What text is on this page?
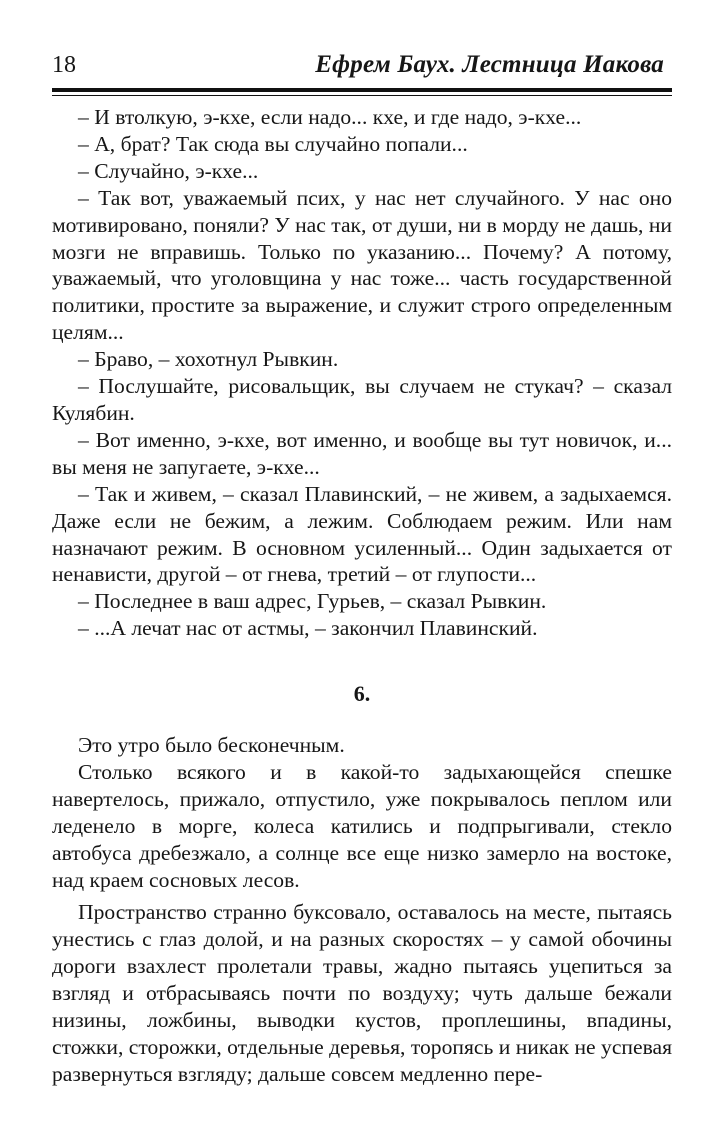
18	Ефрем Баух. Лестница Иакова

– И втолкую, э-кхе, если надо... кхе, и где надо, э-кхе...

– А, брат? Так сюда вы случайно попали...

– Случайно, э-кхе...

– Так вот, уважаемый псих, у нас нет случайного. У нас оно мотивировано, поняли? У нас так, от души, ни в морду не дашь, ни мозги не вправишь. Только по указанию... Почему? А потому, уважаемый, что уголовщина у нас тоже... часть государственной политики, простите за выражение, и служит строго определенным целям...

– Браво, – хохотнул Рывкин.

– Послушайте, рисовальщик, вы случаем не стукач? – сказал Кулябин.

– Вот именно, э-кхе, вот именно, и вообще вы тут новичок, и... вы меня не запугаете, э-кхе...

– Так и живем, – сказал Плавинский, – не живем, а задыхаемся. Даже если не бежим, а лежим. Соблюдаем режим. Или нам назначают режим. В основном усиленный... Один задыхается от ненависти, другой – от гнева, третий – от глупости...

– Последнее в ваш адрес, Гурьев, – сказал Рывкин.

– ...А лечат нас от астмы, – закончил Плавинский.

6.

Это утро было бесконечным.

Столько всякого и в какой-то задыхающейся спешке навертелось, прижало, отпустило, уже покрывалось пеплом или леденело в морге, колеса катились и подпрыгивали, стекло автобуса дребезжало, а солнце все еще низко замерло на востоке, над краем сосновых лесов.

Пространство странно буксовало, оставалось на месте, пытаясь унестись с глаз долой, и на разных скоростях – у самой обочины дороги взахлест пролетали травы, жадно пытаясь уцепиться за взгляд и отбрасываясь почти по воздуху; чуть дальше бежали низины, ложбины, выводки кустов, проплешины, впадины, стожки, сторожки, отдельные деревья, торопясь и никак не успевая развернуться взгляду; дальше совсем медленно пере-
